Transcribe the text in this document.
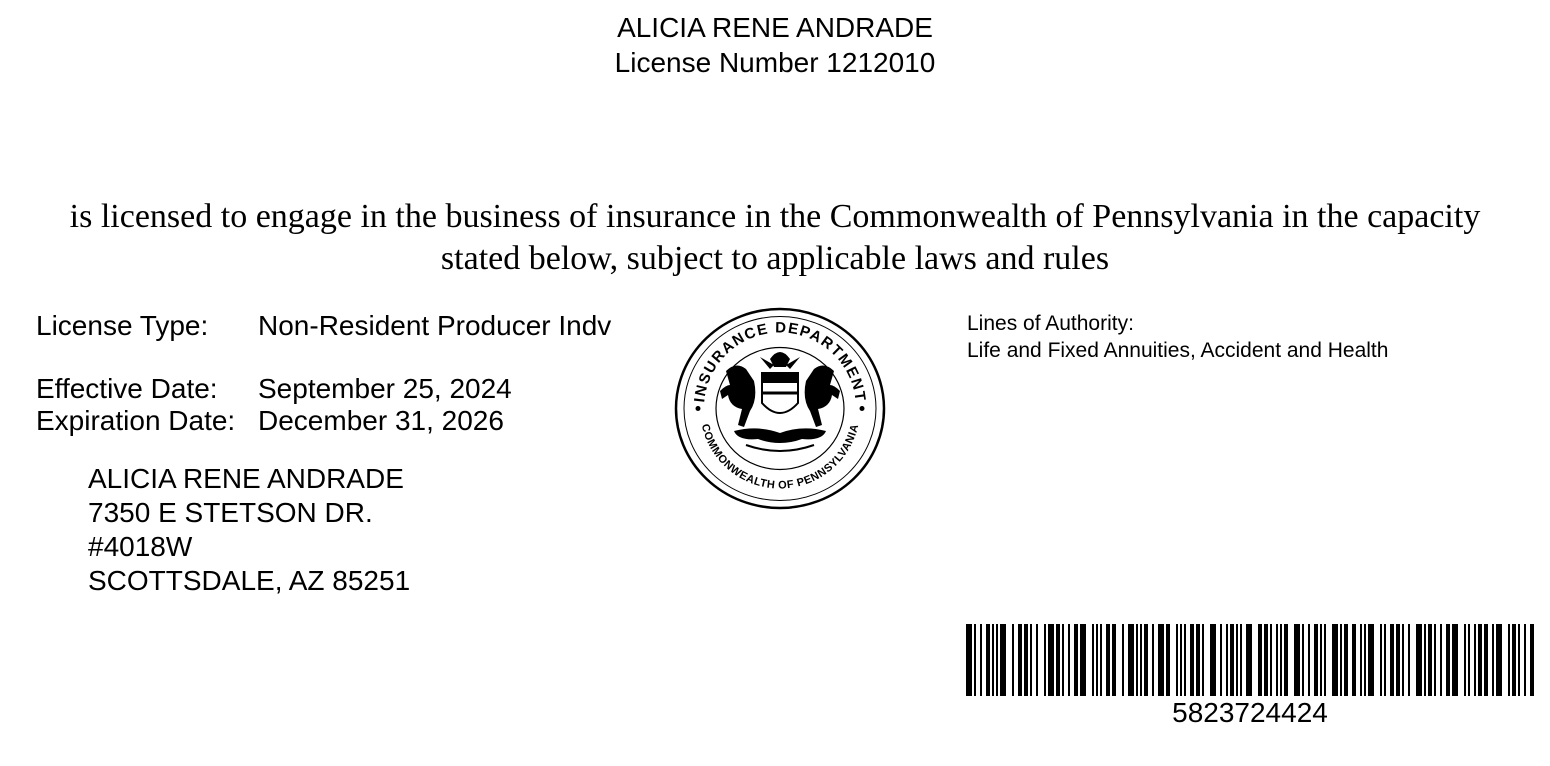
ALICIA RENE ANDRADE
License Number 1212010
is licensed to engage in the business of insurance in the Commonwealth of Pennsylvania in the capacity
stated below, subject to applicable laws and rules
License Type: Non-Resident Producer Indv
Effective Date: September 25, 2024
Expiration Date: December 31, 2026
ALICIA RENE ANDRADE
7350 E STETSON DR.
#4018W
SCOTTSDALE, AZ 85251
INSURANCE DEPARTMENT
COMMONWEALTH OF PENNSYLVANIA
Lines of Authority:
Life and Fixed Annuities, Accident and Health
5823724424
